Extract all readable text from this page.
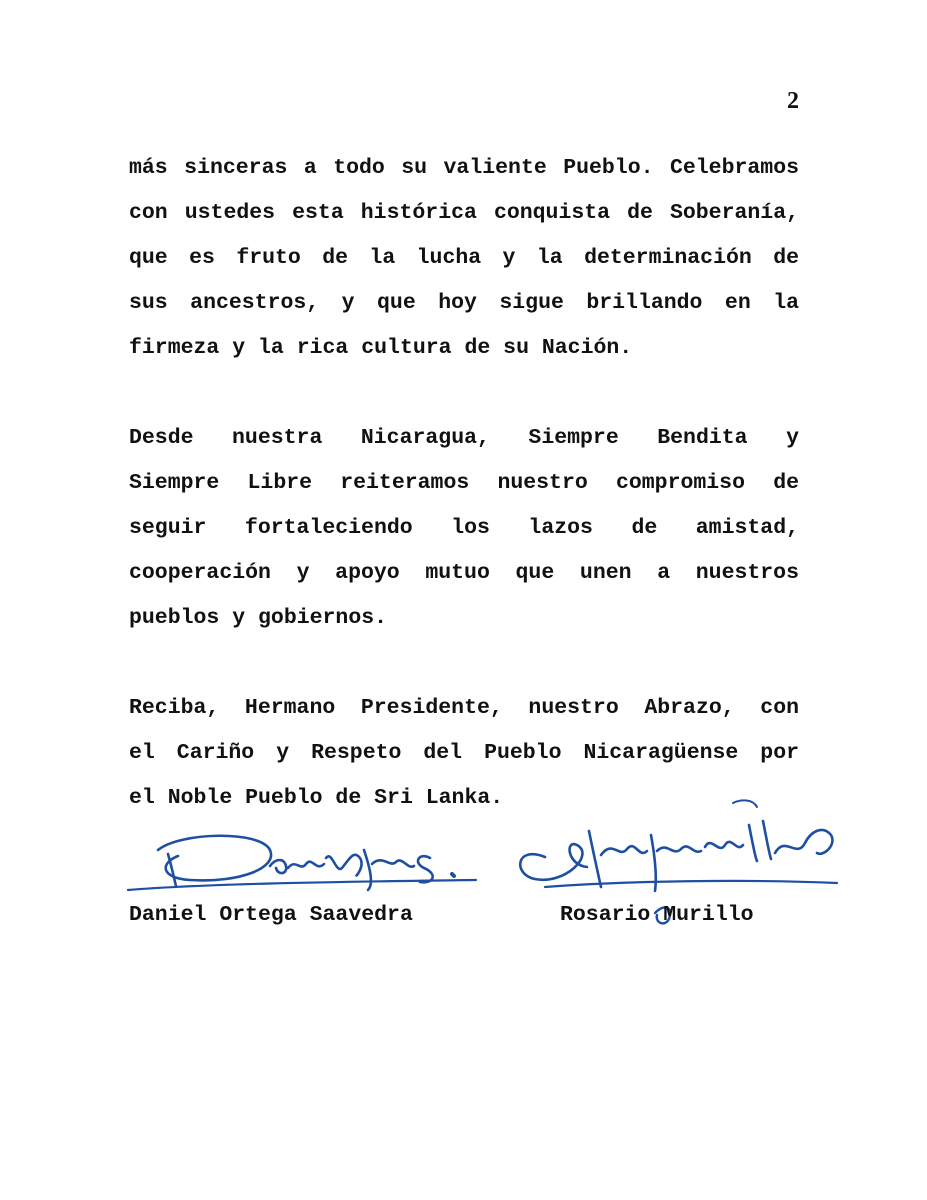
2
más sinceras a todo su valiente Pueblo. Celebramos
con ustedes esta histórica conquista de Soberanía,
que es fruto de la lucha y la determinación de
sus ancestros, y que hoy sigue brillando en la
firmeza y la rica cultura de su Nación.
Desde nuestra Nicaragua, Siempre Bendita y
Siempre Libre reiteramos nuestro compromiso de
seguir fortaleciendo los lazos de amistad,
cooperación y apoyo mutuo que unen a nuestros
pueblos y gobiernos.
Reciba, Hermano Presidente, nuestro Abrazo, con
el Cariño y Respeto del Pueblo Nicaragüense por
el Noble Pueblo de Sri Lanka.
Daniel Ortega Saavedra	Rosario Murillo
